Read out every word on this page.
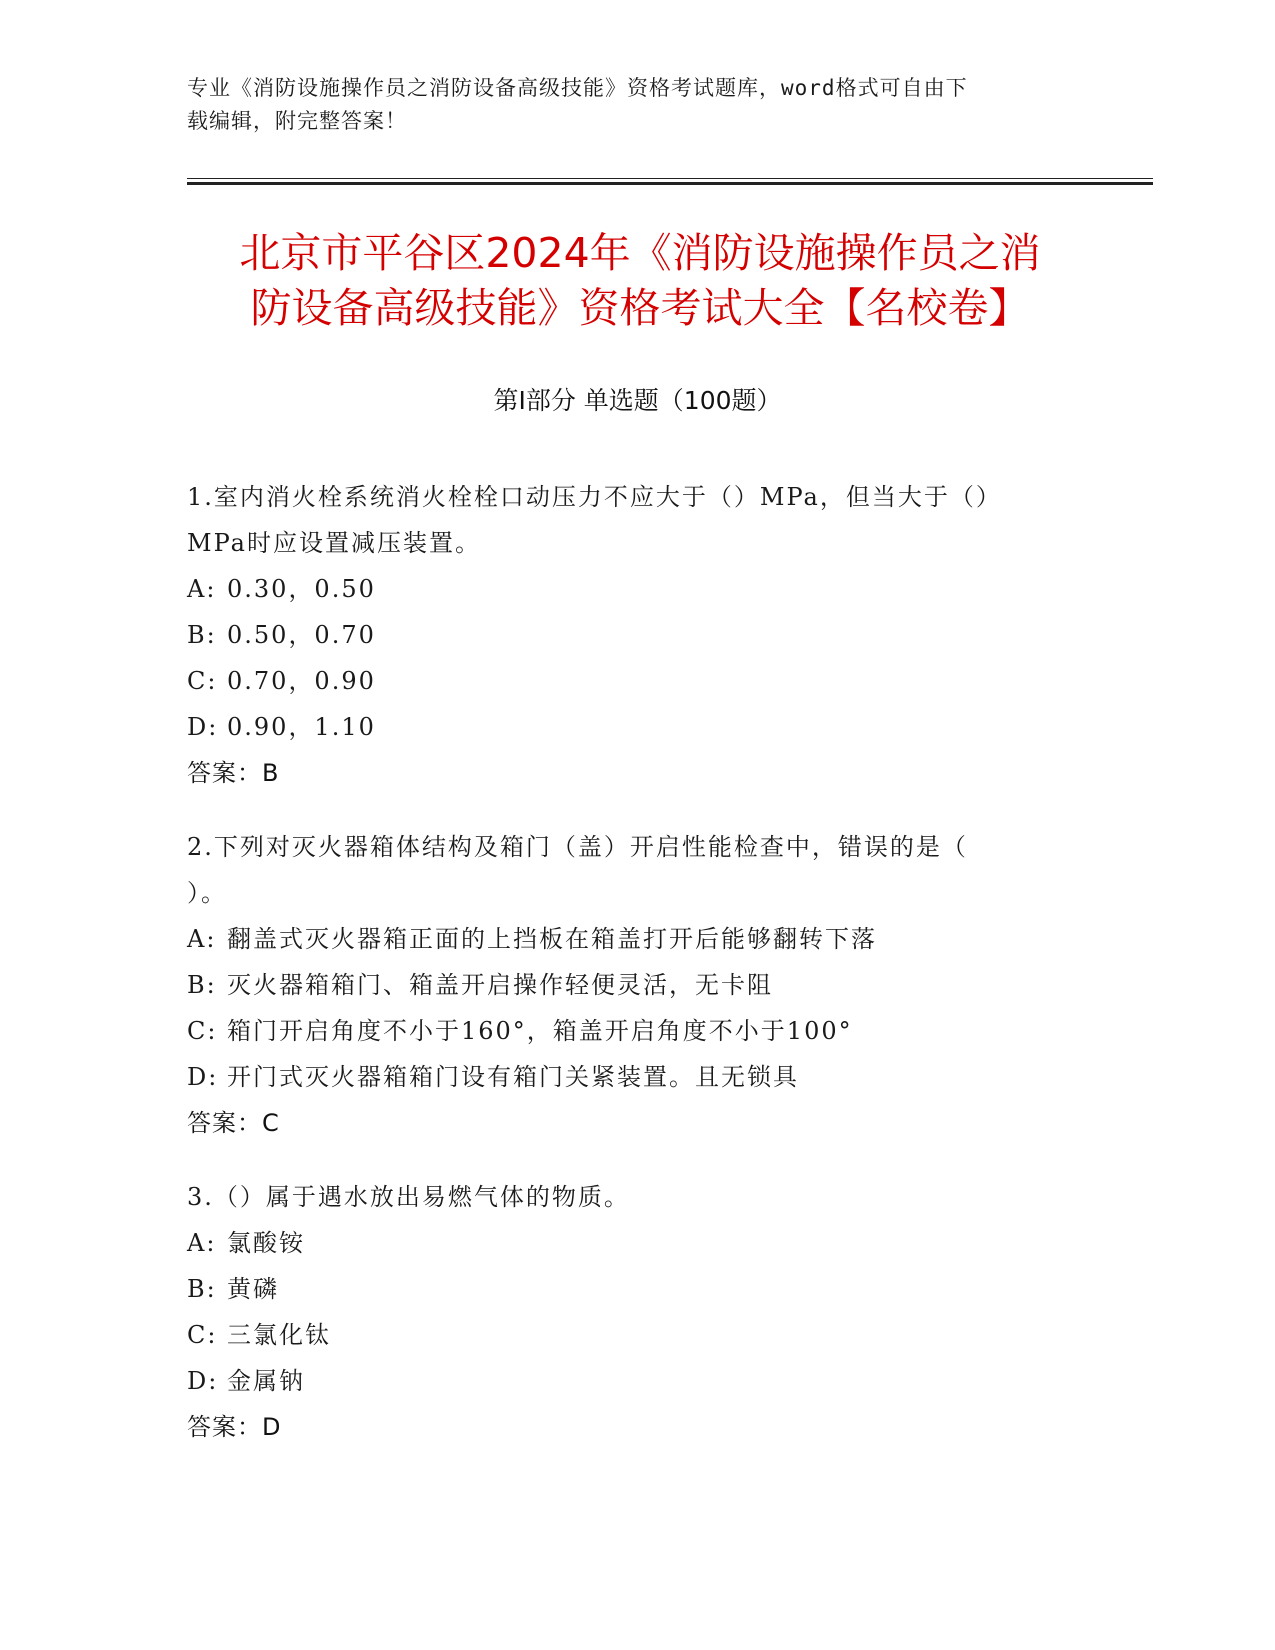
专业《消防设施操作员之消防设备高级技能》资格考试题库，word格式可自由下
载编辑，附完整答案！
北京市平谷区2024年《消防设施操作员之消
防设备高级技能》资格考试大全【名校卷】
第Ⅰ部分 单选题（100题）
1.室内消火栓系统消火栓栓口动压力不应大于（）MPa，但当大于（）
MPa时应设置减压装置。
A: 0.30，0.50
B: 0.50，0.70
C: 0.70，0.90
D: 0.90，1.10
答案：B
2.下列对灭火器箱体结构及箱门（盖）开启性能检查中，错误的是（
）。
A: 翻盖式灭火器箱正面的上挡板在箱盖打开后能够翻转下落
B: 灭火器箱箱门、箱盖开启操作轻便灵活，无卡阻
C: 箱门开启角度不小于160°，箱盖开启角度不小于100°
D: 开门式灭火器箱箱门设有箱门关紧装置。且无锁具
答案：C
3.（）属于遇水放出易燃气体的物质。
A: 氯酸铵
B: 黄磷
C: 三氯化钛
D: 金属钠
答案：D
